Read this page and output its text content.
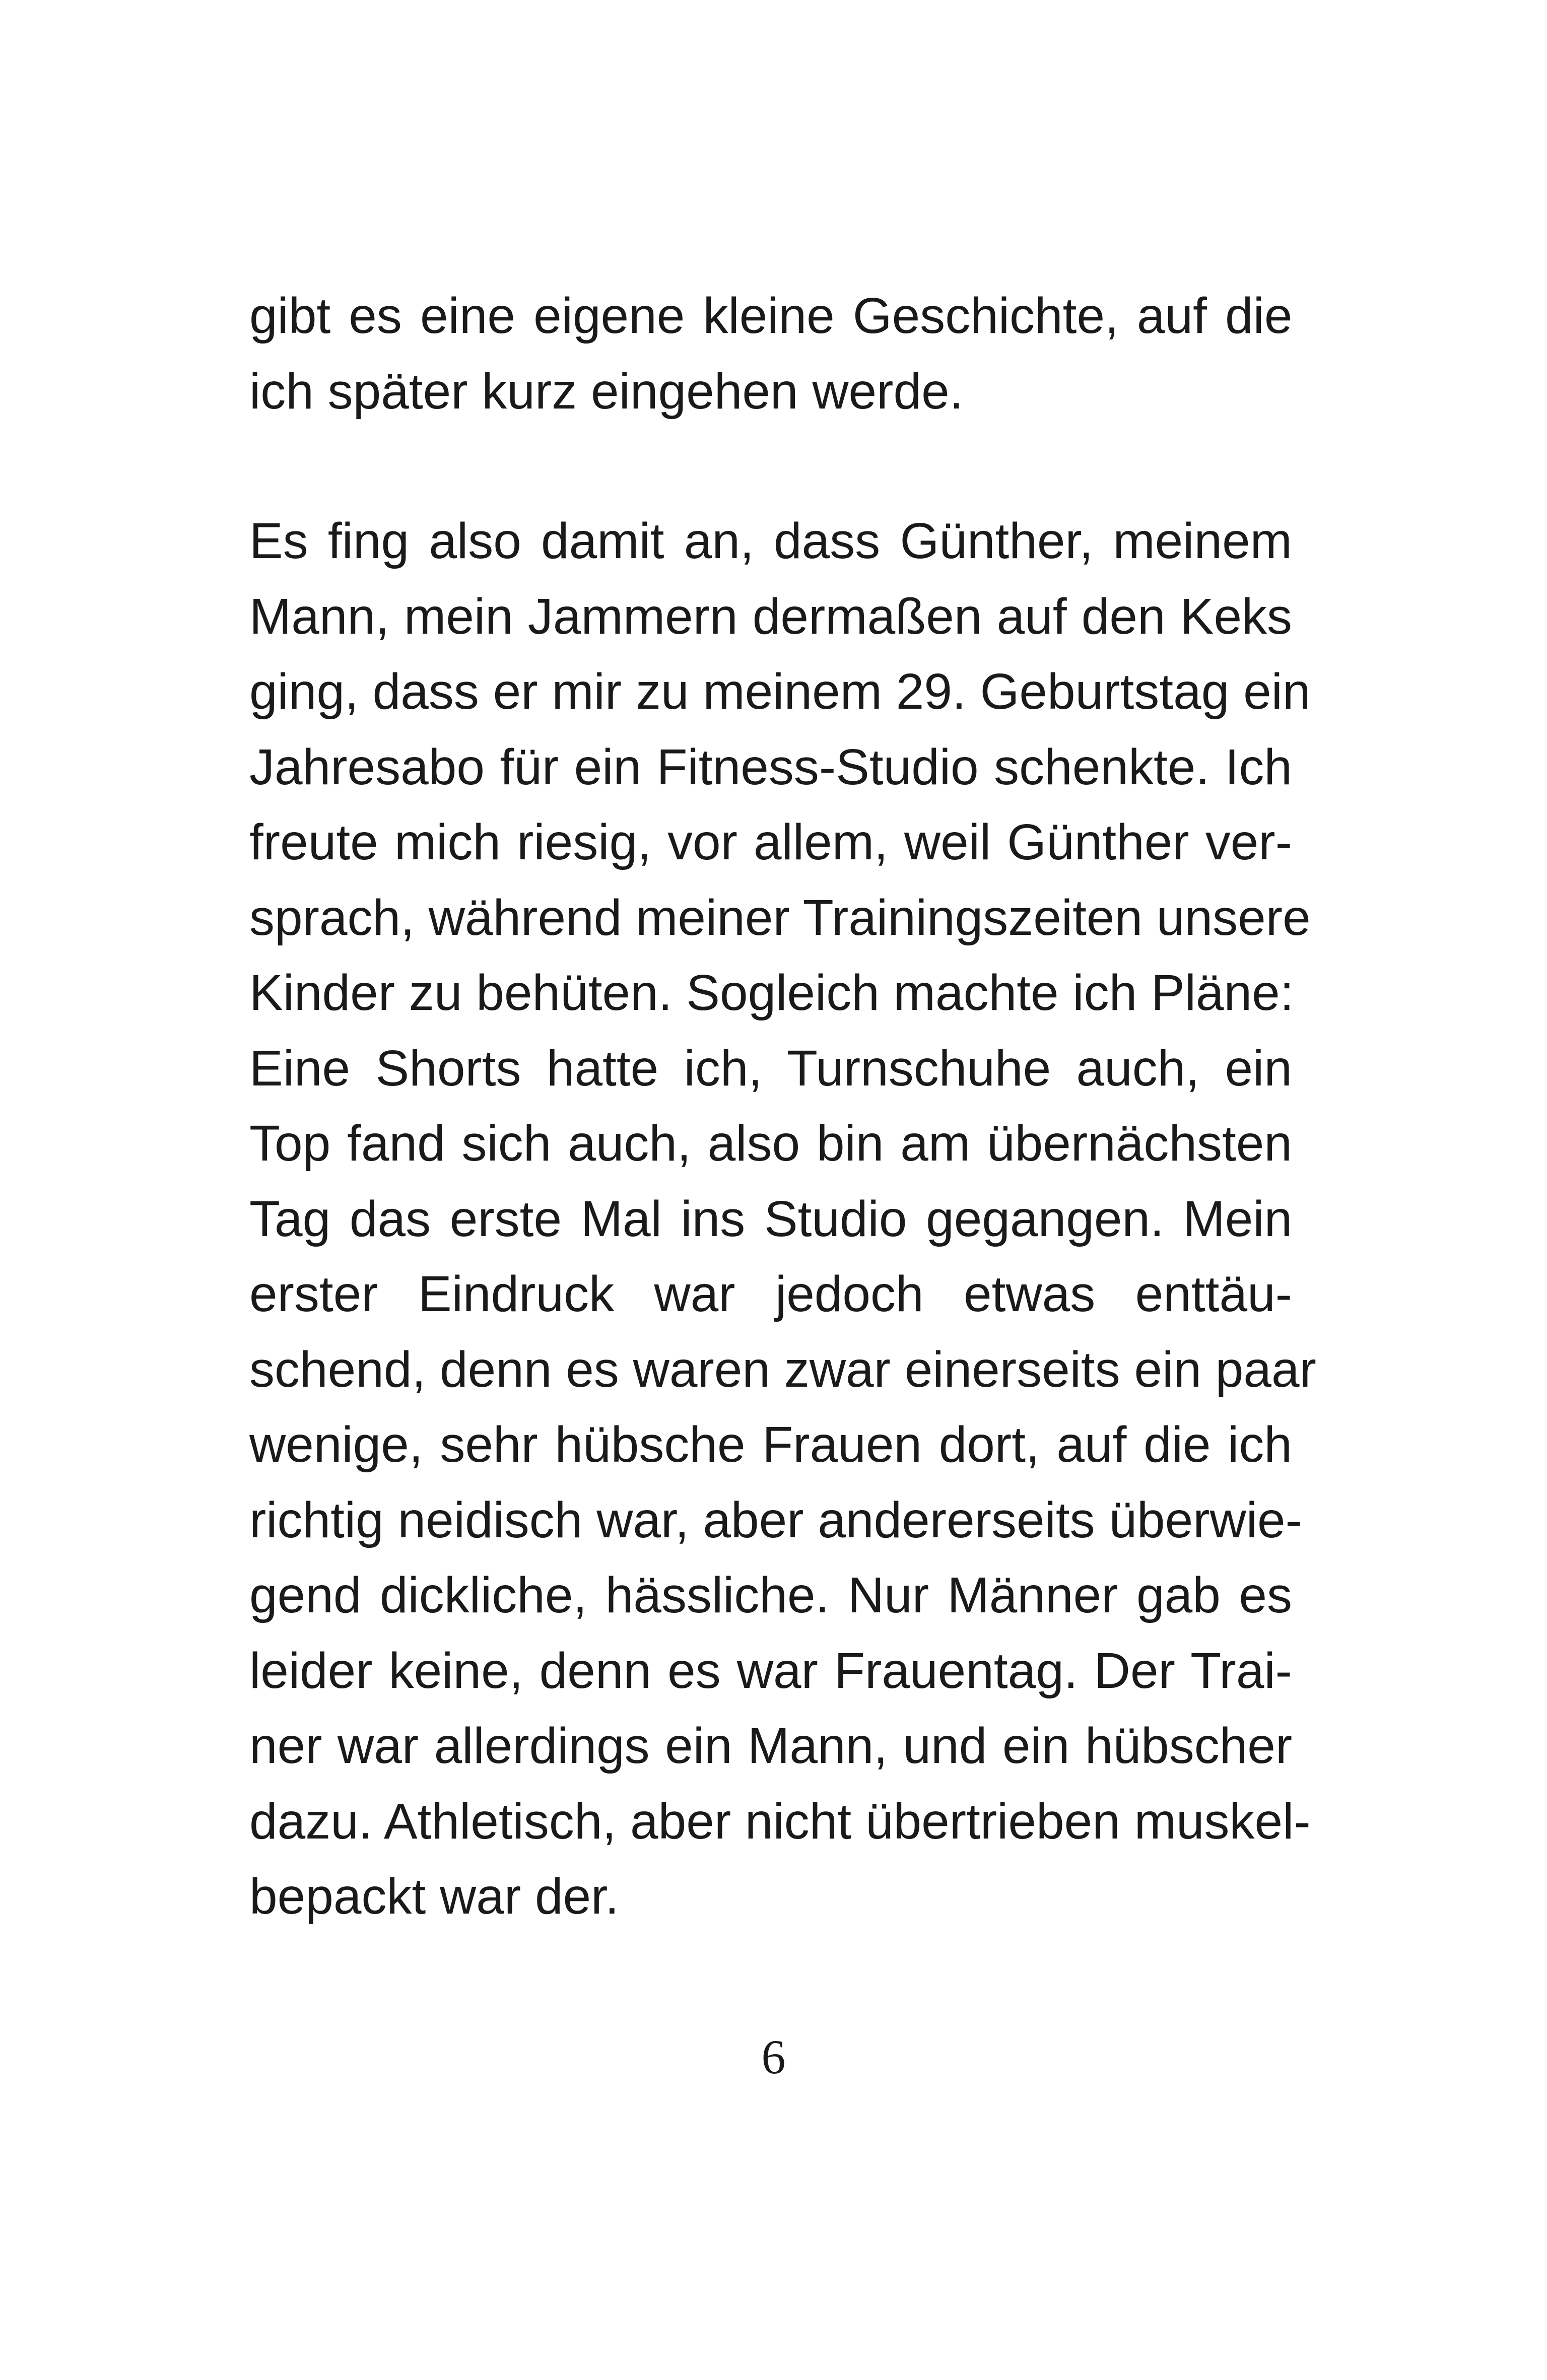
gibt es eine eigene kleine Geschichte, auf die
ich später kurz eingehen werde.
Es fing also damit an, dass Günther, meinem
Mann, mein Jammern dermaßen auf den Keks
ging, dass er mir zu meinem 29. Geburtstag ein
Jahresabo für ein Fitness-Studio schenkte. Ich
freute mich riesig, vor allem, weil Günther ver-
sprach, während meiner Trainingszeiten unsere
Kinder zu behüten. Sogleich machte ich Pläne:
Eine Shorts hatte ich, Turnschuhe auch, ein
Top fand sich auch, also bin am übernächsten
Tag das erste Mal ins Studio gegangen. Mein
erster Eindruck war jedoch etwas enttäu-
schend, denn es waren zwar einerseits ein paar
wenige, sehr hübsche Frauen dort, auf die ich
richtig neidisch war, aber andererseits überwie-
gend dickliche, hässliche. Nur Männer gab es
leider keine, denn es war Frauentag. Der Trai-
ner war allerdings ein Mann, und ein hübscher
dazu. Athletisch, aber nicht übertrieben muskel-
bepackt war der.
6
